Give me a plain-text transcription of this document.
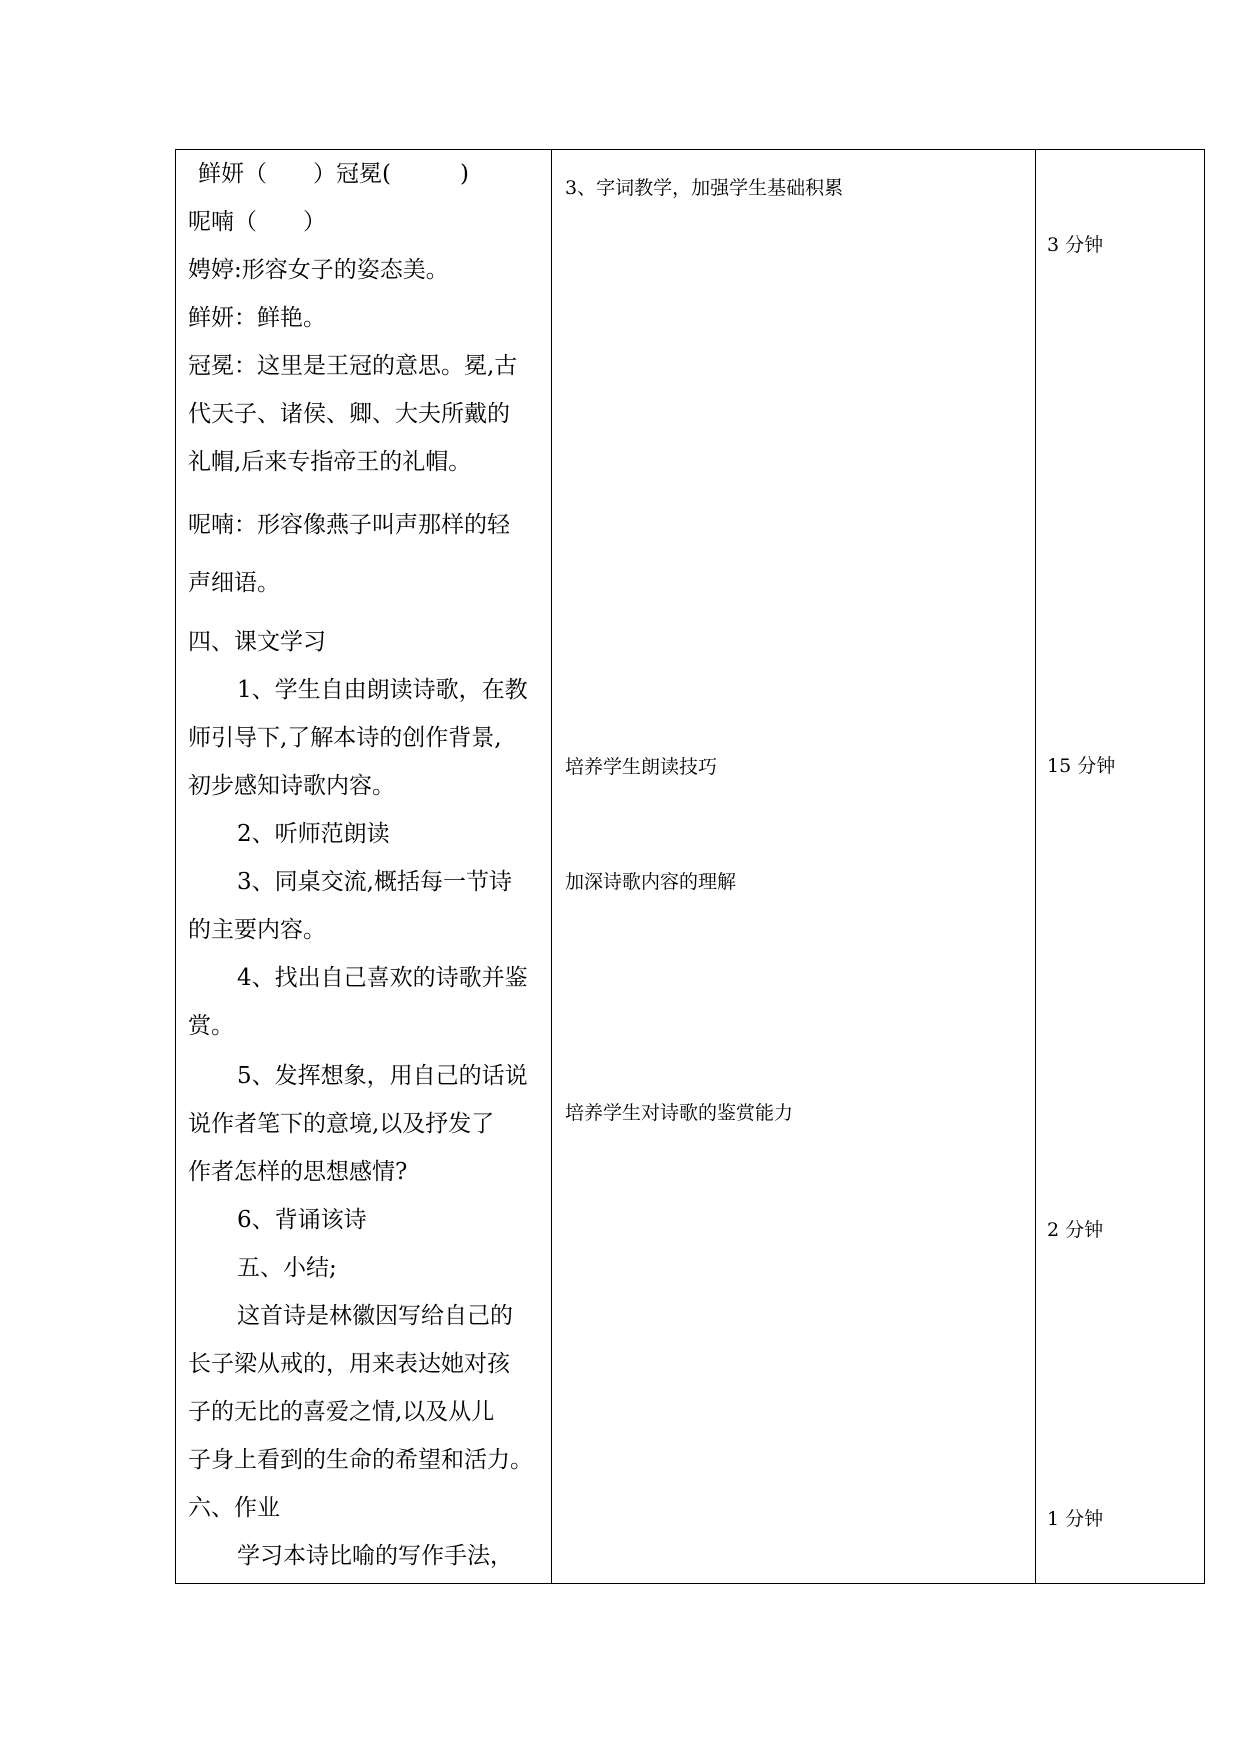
鲜妍（　　）冠冕(　　　)
呢喃（　　）
娉婷:形容女子的姿态美。
鲜妍：鲜艳。
冠冕：这里是王冠的意思。冕,古
代天子、诸侯、卿、大夫所戴的
礼帽,后来专指帝王的礼帽。
呢喃：形容像燕子叫声那样的轻
声细语。
四、课文学习
1、学生自由朗读诗歌，在教
师引导下,了解本诗的创作背景,
初步感知诗歌内容。
2、听师范朗读
3、同桌交流,概括每一节诗
的主要内容。
4、找出自己喜欢的诗歌并鉴
赏。
5、发挥想象，用自己的话说
说作者笔下的意境,以及抒发了
作者怎样的思想感情?
6、背诵该诗
五、小结;
这首诗是林徽因写给自己的
长子梁从戒的，用来表达她对孩
子的无比的喜爱之情,以及从儿
子身上看到的生命的希望和活力。
六、作业
学习本诗比喻的写作手法，
3、字词教学，加强学生基础积累
培养学生朗读技巧
加深诗歌内容的理解
培养学生对诗歌的鉴赏能力
3 分钟
15 分钟
2 分钟
1 分钟
